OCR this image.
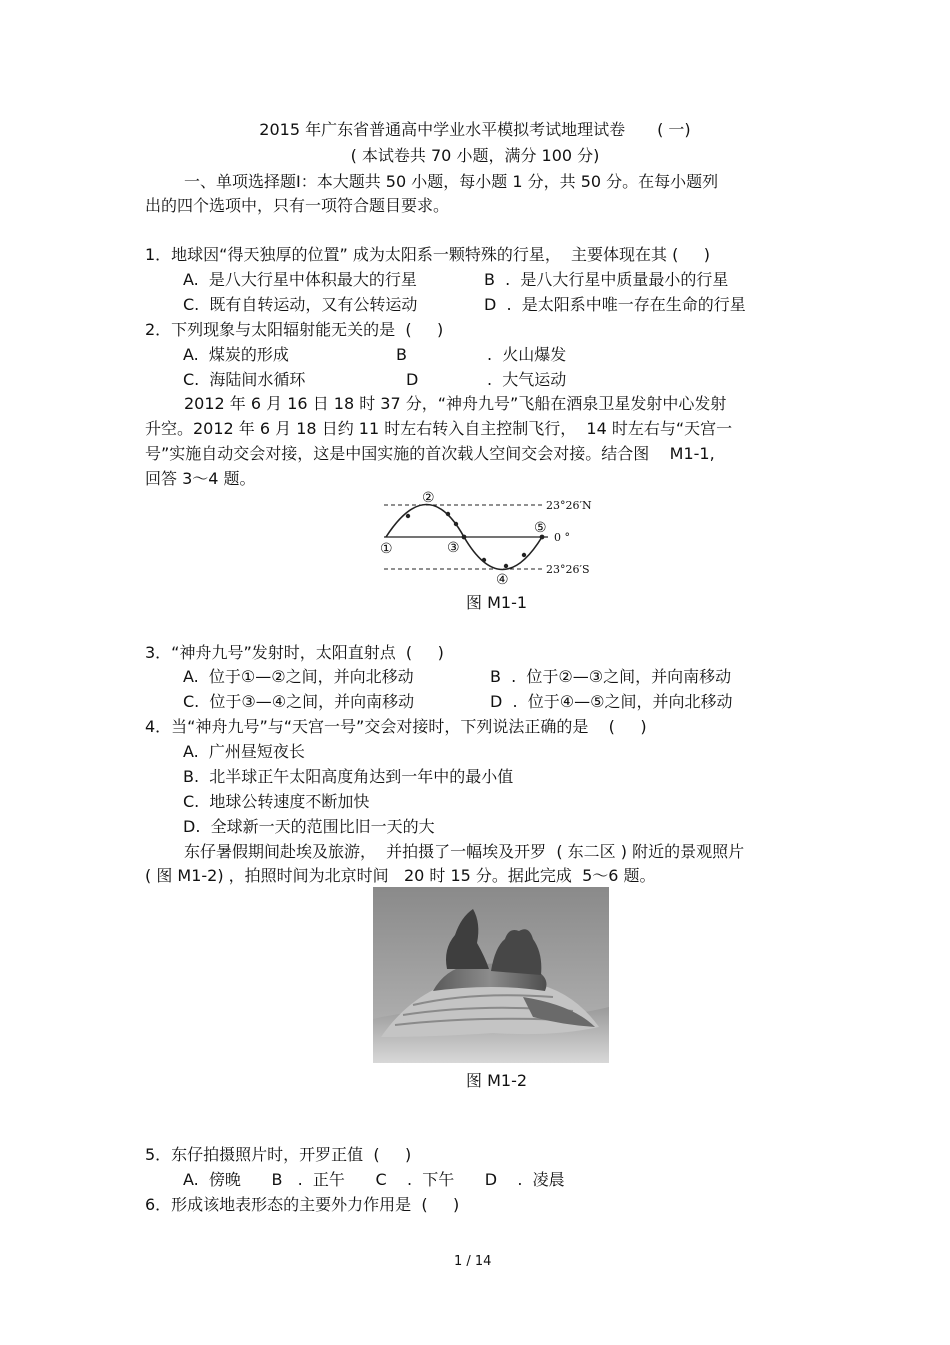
2015 年广东省普通高中学业水平模拟考试地理试卷　　( 一)
( 本试卷共 70 小题，满分 100 分)
一、单项选择题Ⅰ：本大题共 50 小题，每小题 1 分，共 50 分。在每小题列
出的四个选项中，只有一项符合题目要求。
1．地球因“得天独厚的位置” 成为太阳系一颗特殊的行星，  主要体现在其 (     )
A.  是八大行星中体积最大的行星	B  .  是八大行星中质量最小的行星
C.  既有自转运动，又有公转运动	D  .  是太阳系中唯一存在生命的行星
2．下列现象与太阳辐射能无关的是  (     )
A.  煤炭的形成	B	.  火山爆发
C.  海陆间水循环	D	.  大气运动
2012 年 6 月 16 日 18 时 37 分，“神舟九号”飞船在酒泉卫星发射中心发射
升空。2012 年 6 月 18 日约 11 时左右转入自主控制飞行，  14 时左右与“天宫一
号”实施自动交会对接，这是中国实施的首次载人空间交会对接。结合图    M1-1,
回答 3～4 题。
①
②
③
④
⑤
23°26′N
0 °
23°26′S
图 M1-1
3．“神舟九号”发射时，太阳直射点  (     )
A.  位于①—②之间，并向北移动	B  .  位于②—③之间，并向南移动
C.  位于③—④之间，并向南移动	D  .  位于④—⑤之间，并向北移动
4．当“神舟九号”与“天宫一号”交会对接时，下列说法正确的是    (     )
A.  广州昼短夜长
B.  北半球正午太阳高度角达到一年中的最小值
C.  地球公转速度不断加快
D.  全球新一天的范围比旧一天的大
东仔暑假期间赴埃及旅游，  并拍摄了一幅埃及开罗  ( 东二区 ) 附近的景观照片
( 图 M1-2) ，拍照时间为北京时间   20 时 15 分。据此完成  5～6 题。
图 M1-2
5．东仔拍摄照片时，开罗正值  (     )
A.  傍晚      B   .  正午      C    .  下午      D    .  凌晨
6．形成该地表形态的主要外力作用是  (     )
1 / 14
